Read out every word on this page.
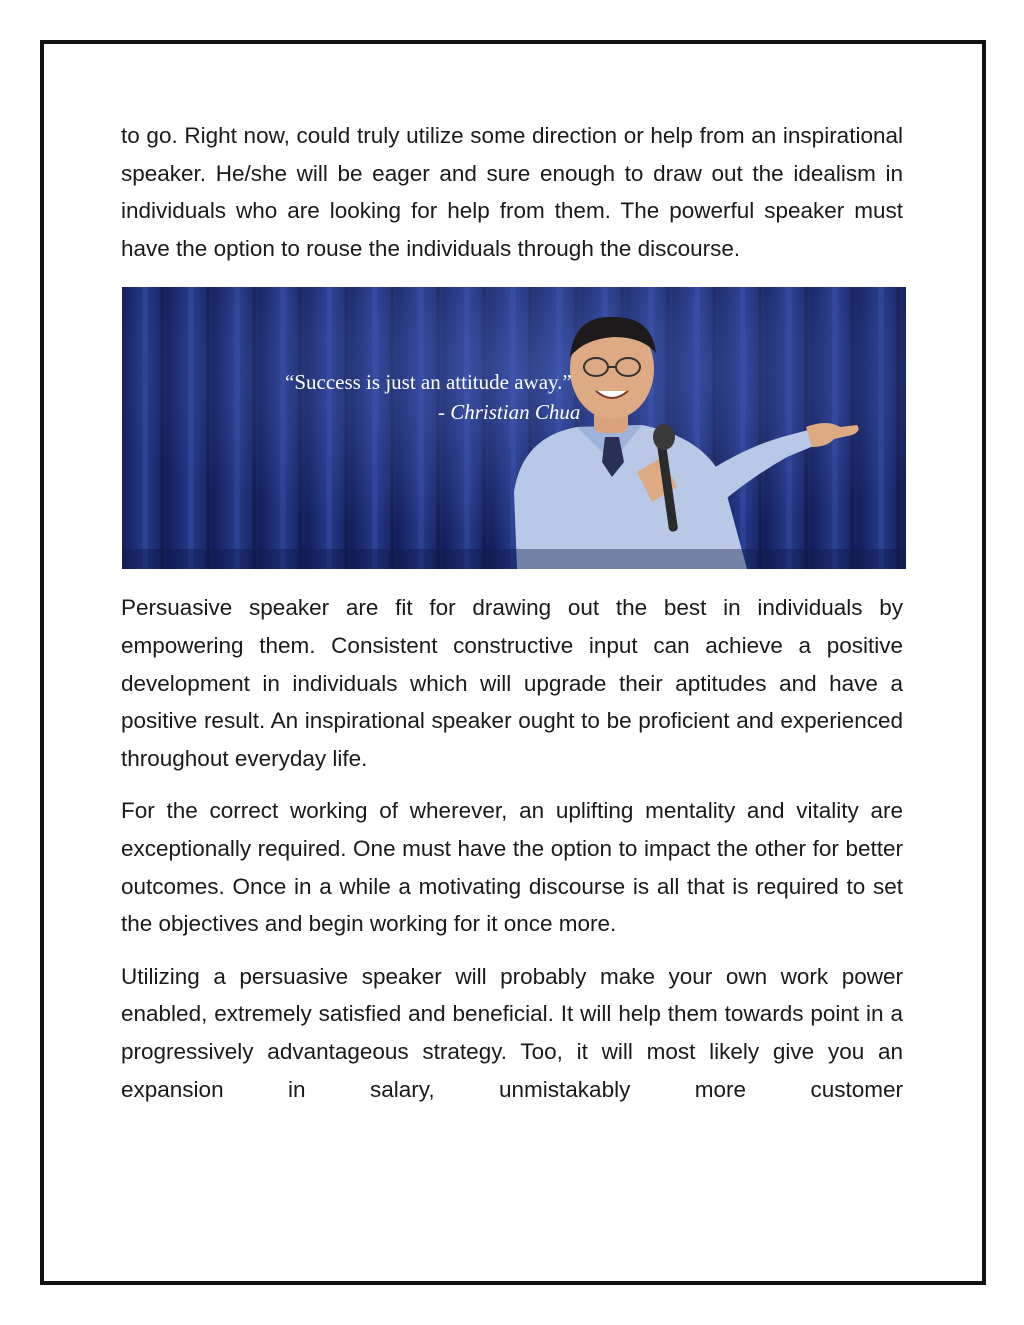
to go. Right now, could truly utilize some direction or help from an inspirational speaker. He/she will be eager and sure enough to draw out the idealism in individuals who are looking for help from them. The powerful speaker must have the option to rouse the individuals through the discourse.

“Success is just an attitude away.”
- Christian Chua

Persuasive speaker are fit for drawing out the best in individuals by empowering them. Consistent constructive input can achieve a positive development in individuals which will upgrade their aptitudes and have a positive result. An inspirational speaker ought to be proficient and experienced throughout everyday life.

For the correct working of wherever, an uplifting mentality and vitality are exceptionally required. One must have the option to impact the other for better outcomes. Once in a while a motivating discourse is all that is required to set the objectives and begin working for it once more.

Utilizing a persuasive speaker will probably make your own work power enabled, extremely satisfied and beneficial. It will help them towards point in a progressively advantageous strategy. Too, it will most likely give you an expansion in salary, unmistakably more customer
